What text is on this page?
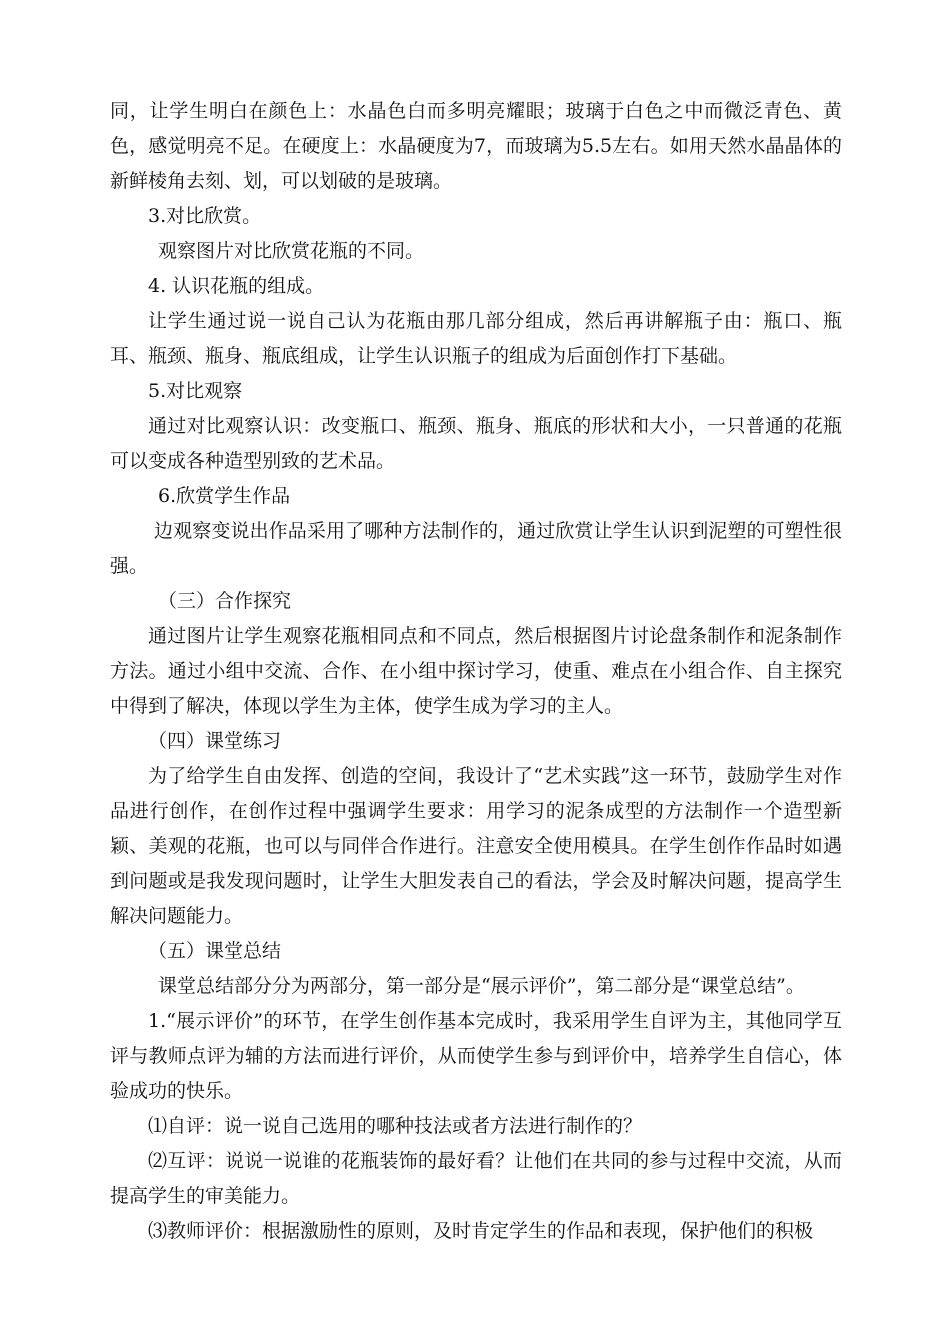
同，让学生明白在颜色上：水晶色白而多明亮耀眼；玻璃于白色之中而微泛青色、黄色，感觉明亮不足。在硬度上：水晶硬度为7，而玻璃为5.5左右。如用天然水晶晶体的新鲜棱角去刻、划，可以划破的是玻璃。

3.对比欣赏。

观察图片对比欣赏花瓶的不同。

4. 认识花瓶的组成。

让学生通过说一说自己认为花瓶由那几部分组成，然后再讲解瓶子由：瓶口、瓶耳、瓶颈、瓶身、瓶底组成，让学生认识瓶子的组成为后面创作打下基础。

5.对比观察

通过对比观察认识：改变瓶口、瓶颈、瓶身、瓶底的形状和大小，一只普通的花瓶可以变成各种造型别致的艺术品。

6.欣赏学生作品

边观察变说出作品采用了哪种方法制作的，通过欣赏让学生认识到泥塑的可塑性很强。

（三）合作探究

通过图片让学生观察花瓶相同点和不同点，然后根据图片讨论盘条制作和泥条制作方法。通过小组中交流、合作、在小组中探讨学习，使重、难点在小组合作、自主探究中得到了解决，体现以学生为主体，使学生成为学习的主人。

（四）课堂练习

为了给学生自由发挥、创造的空间，我设计了“艺术实践”这一环节，鼓励学生对作品进行创作，在创作过程中强调学生要求：用学习的泥条成型的方法制作一个造型新颖、美观的花瓶，也可以与同伴合作进行。注意安全使用模具。在学生创作作品时如遇到问题或是我发现问题时，让学生大胆发表自己的看法，学会及时解决问题，提高学生解决问题能力。

（五）课堂总结

课堂总结部分分为两部分，第一部分是“展示评价”，第二部分是“课堂总结”。

1.“展示评价”的环节，在学生创作基本完成时，我采用学生自评为主，其他同学互评与教师点评为辅的方法而进行评价，从而使学生参与到评价中，培养学生自信心，体验成功的快乐。

⑴自评：说一说自己选用的哪种技法或者方法进行制作的？

⑵互评：说说一说谁的花瓶装饰的最好看？让他们在共同的参与过程中交流，从而提高学生的审美能力。

⑶教师评价：根据激励性的原则，及时肯定学生的作品和表现，保护他们的积极
